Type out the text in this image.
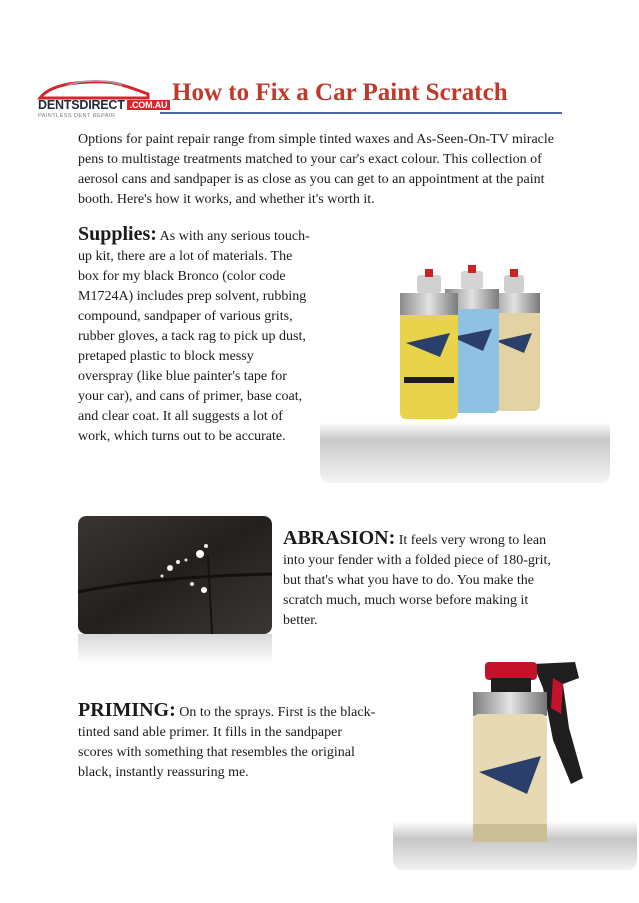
DENTSDIRECT .COM.AU
PAINTLESS DENT REPAIR
How to Fix a Car Paint Scratch
Options for paint repair range from simple tinted waxes and As-Seen-On-TV miracle pens to multistage treatments matched to your car's exact colour. This collection of aerosol cans and sandpaper is as close as you can get to an appointment at the paint booth. Here's how it works, and whether it's worth it.
Supplies: As with any serious touch-up kit, there are a lot of materials. The box for my black Bronco (color code M1724A) includes prep solvent, rubbing compound, sandpaper of various grits, rubber gloves, a tack rag to pick up dust, pretaped plastic to block messy overspray (like blue painter's tape for your car), and cans of primer, base coat, and clear coat. It all suggests a lot of work, which turns out to be accurate.
ABRASION: It feels very wrong to lean into your fender with a folded piece of 180-grit, but that's what you have to do. You make the scratch much, much worse before making it better.
PRIMING: On to the sprays. First is the black-tinted sand able primer. It fills in the sandpaper scores with something that resembles the original black, instantly reassuring me.
